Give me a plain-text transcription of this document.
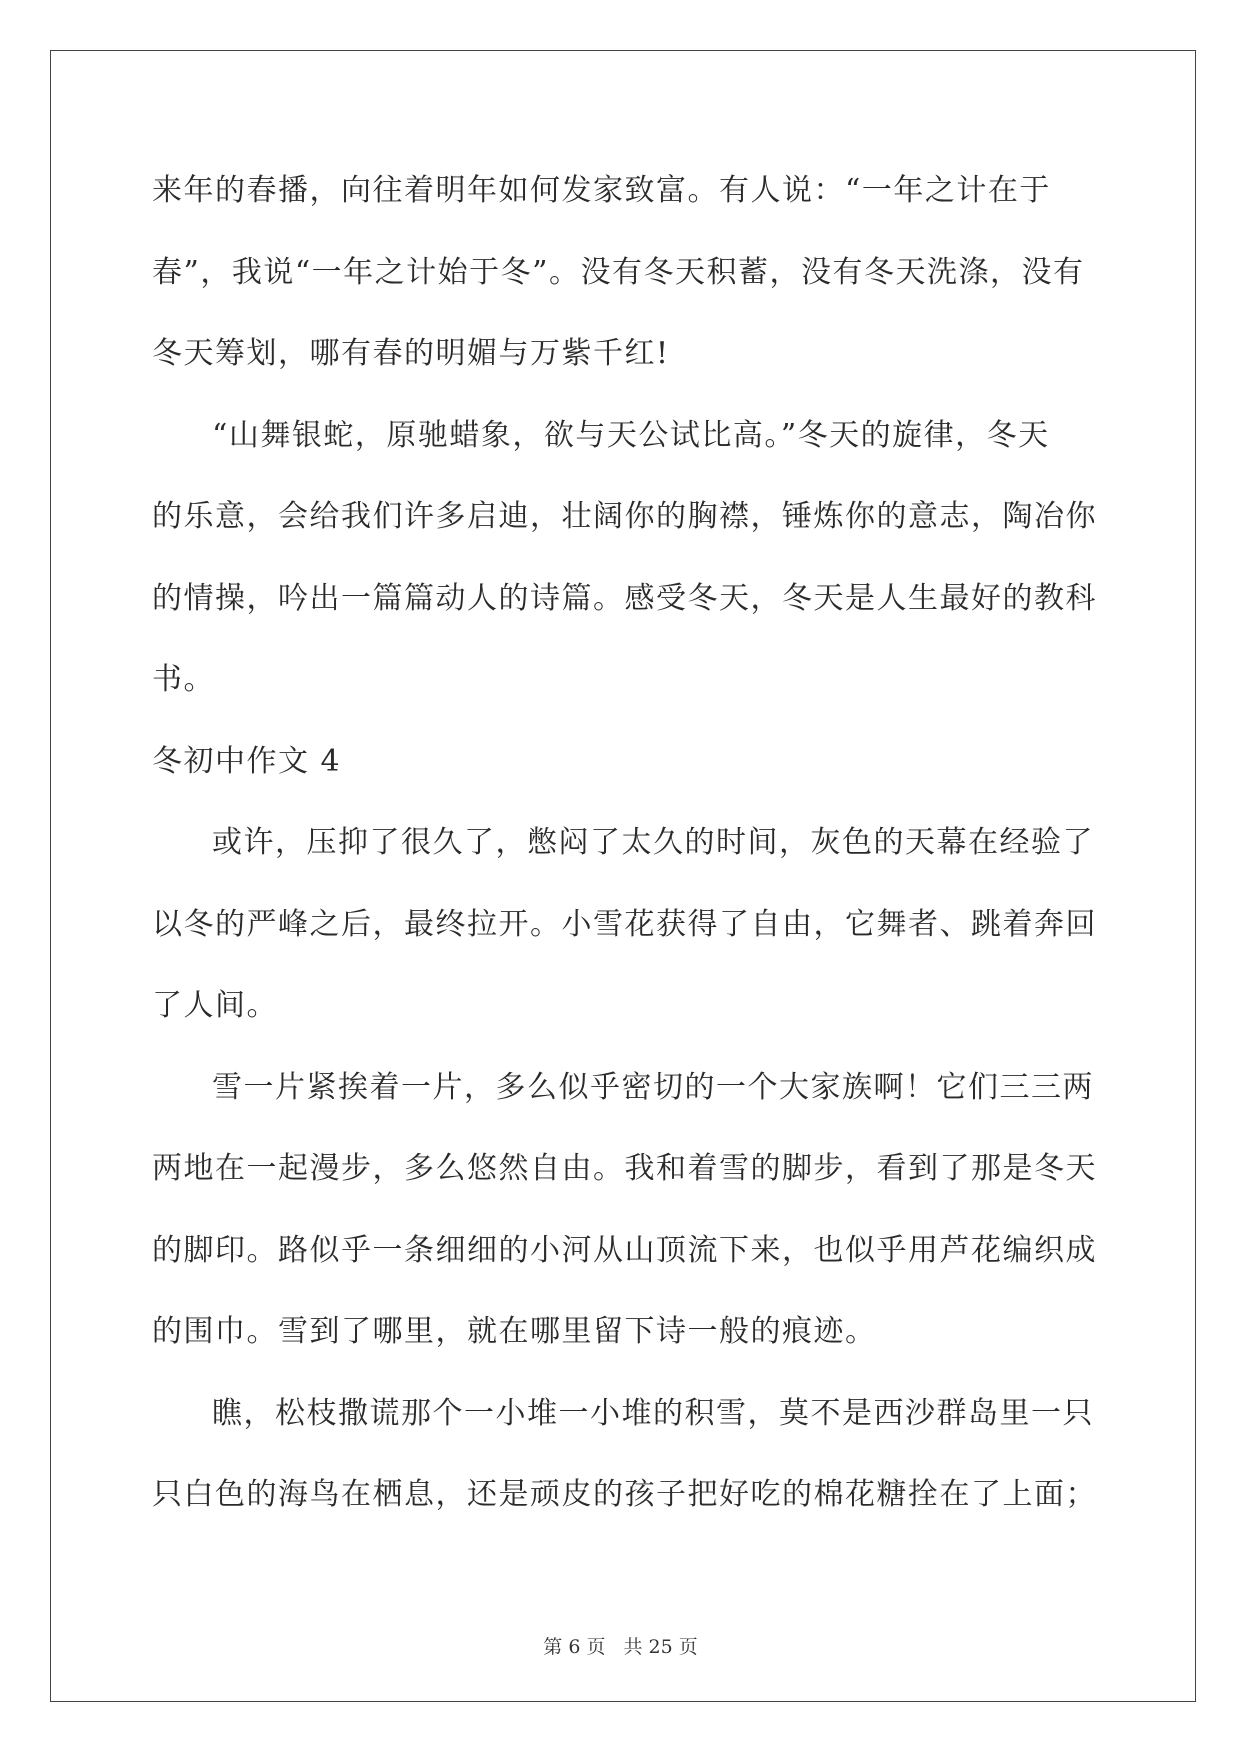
来年的春播，向往着明年如何发家致富。有人说：“一年之计在于
春”，我说“一年之计始于冬”。没有冬天积蓄，没有冬天洗涤，没有
冬天筹划，哪有春的明媚与万紫千红!
“山舞银蛇，原驰蜡象，欲与天公试比高。”冬天的旋律，冬天
的乐意，会给我们许多启迪，壮阔你的胸襟，锤炼你的意志，陶冶你
的情操，吟出一篇篇动人的诗篇。感受冬天，冬天是人生最好的教科
书。
冬初中作文 4
或许，压抑了很久了，憋闷了太久的时间，灰色的天幕在经验了
以冬的严峰之后，最终拉开。小雪花获得了自由，它舞者、跳着奔回
了人间。
雪一片紧挨着一片，多么似乎密切的一个大家族啊！它们三三两
两地在一起漫步，多么悠然自由。我和着雪的脚步，看到了那是冬天
的脚印。路似乎一条细细的小河从山顶流下来，也似乎用芦花编织成
的围巾。雪到了哪里，就在哪里留下诗一般的痕迹。
瞧，松枝撒谎那个一小堆一小堆的积雪，莫不是西沙群岛里一只
只白色的海鸟在栖息，还是顽皮的孩子把好吃的棉花糖拴在了上面；
第 6 页 共 25 页
